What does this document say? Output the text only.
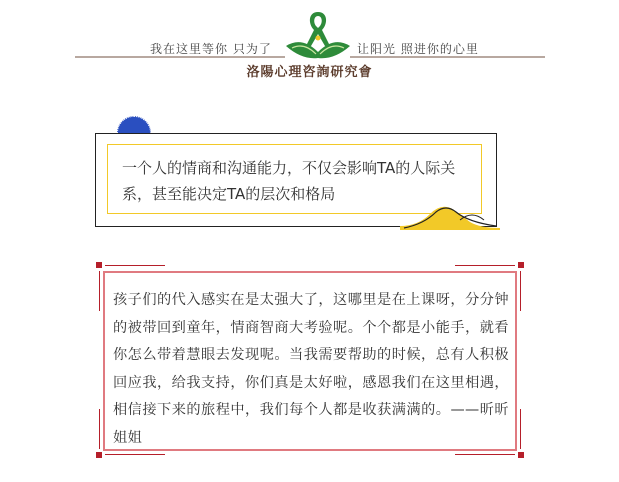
我在这里等你 只为了	让阳光 照进你的心里
洛陽心理咨詢研究會
一个人的情商和沟通能力，不仅会影响TA的人际关系，甚至能决定TA的层次和格局
孩子们的代入感实在是太强大了，这哪里是在上课呀，分分钟的被带回到童年，情商智商大考验呢。个个都是小能手，就看你怎么带着慧眼去发现呢。当我需要帮助的时候，总有人积极回应我，给我支持，你们真是太好啦，感恩我们在这里相遇，相信接下来的旅程中，我们每个人都是收获满满的。——昕昕姐姐
